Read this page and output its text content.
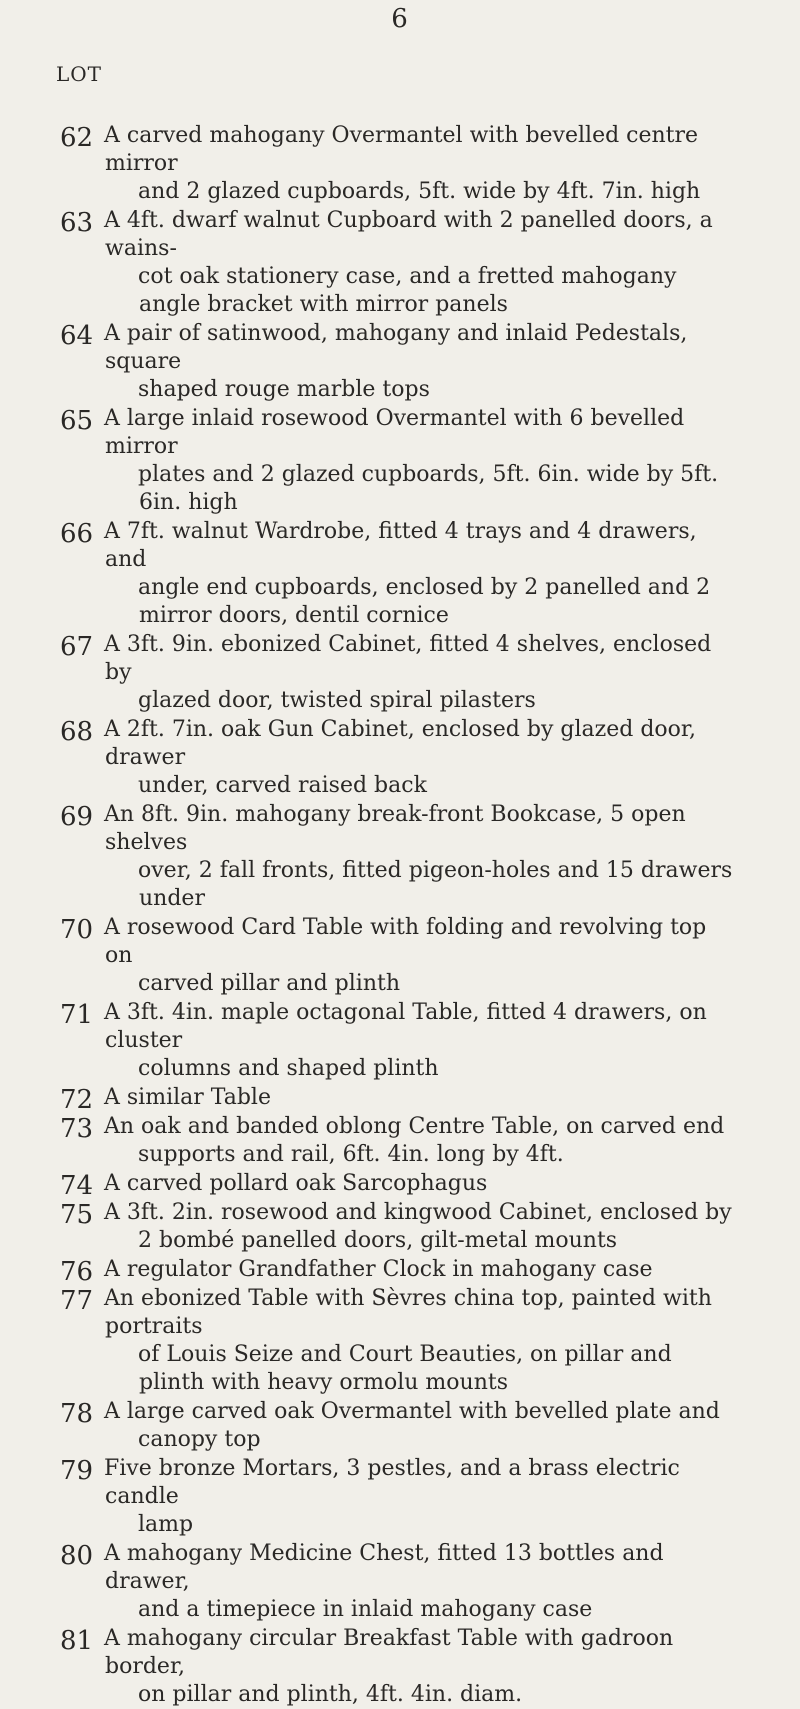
6
LOT
62 A carved mahogany Overmantel with bevelled centre mirror
and 2 glazed cupboards, 5ft. wide by 4ft. 7in. high
63 A 4ft. dwarf walnut Cupboard with 2 panelled doors, a wains-
cot oak stationery case, and a fretted mahogany angle bracket with mirror panels
64 A pair of satinwood, mahogany and inlaid Pedestals, square
shaped rouge marble tops
65 A large inlaid rosewood Overmantel with 6 bevelled mirror
plates and 2 glazed cupboards, 5ft. 6in. wide by 5ft. 6in. high
66 A 7ft. walnut Wardrobe, fitted 4 trays and 4 drawers, and
angle end cupboards, enclosed by 2 panelled and 2 mirror doors, dentil cornice
67 A 3ft. 9in. ebonized Cabinet, fitted 4 shelves, enclosed by
glazed door, twisted spiral pilasters
68 A 2ft. 7in. oak Gun Cabinet, enclosed by glazed door, drawer
under, carved raised back
69 An 8ft. 9in. mahogany break-front Bookcase, 5 open shelves
over, 2 fall fronts, fitted pigeon-holes and 15 drawers under
70 A rosewood Card Table with folding and revolving top on
carved pillar and plinth
71 A 3ft. 4in. maple octagonal Table, fitted 4 drawers, on cluster
columns and shaped plinth
72 A similar Table
73 An oak and banded oblong Centre Table, on carved end
supports and rail, 6ft. 4in. long by 4ft.
74 A carved pollard oak Sarcophagus
75 A 3ft. 2in. rosewood and kingwood Cabinet, enclosed by
2 bombé panelled doors, gilt-metal mounts
76 A regulator Grandfather Clock in mahogany case
77 An ebonized Table with Sèvres china top, painted with portraits
of Louis Seize and Court Beauties, on pillar and plinth with heavy ormolu mounts
78 A large carved oak Overmantel with bevelled plate and
canopy top
79 Five bronze Mortars, 3 pestles, and a brass electric candle
lamp
80 A mahogany Medicine Chest, fitted 13 bottles and drawer,
and a timepiece in inlaid mahogany case
81 A mahogany circular Breakfast Table with gadroon border,
on pillar and plinth, 4ft. 4in. diam.
